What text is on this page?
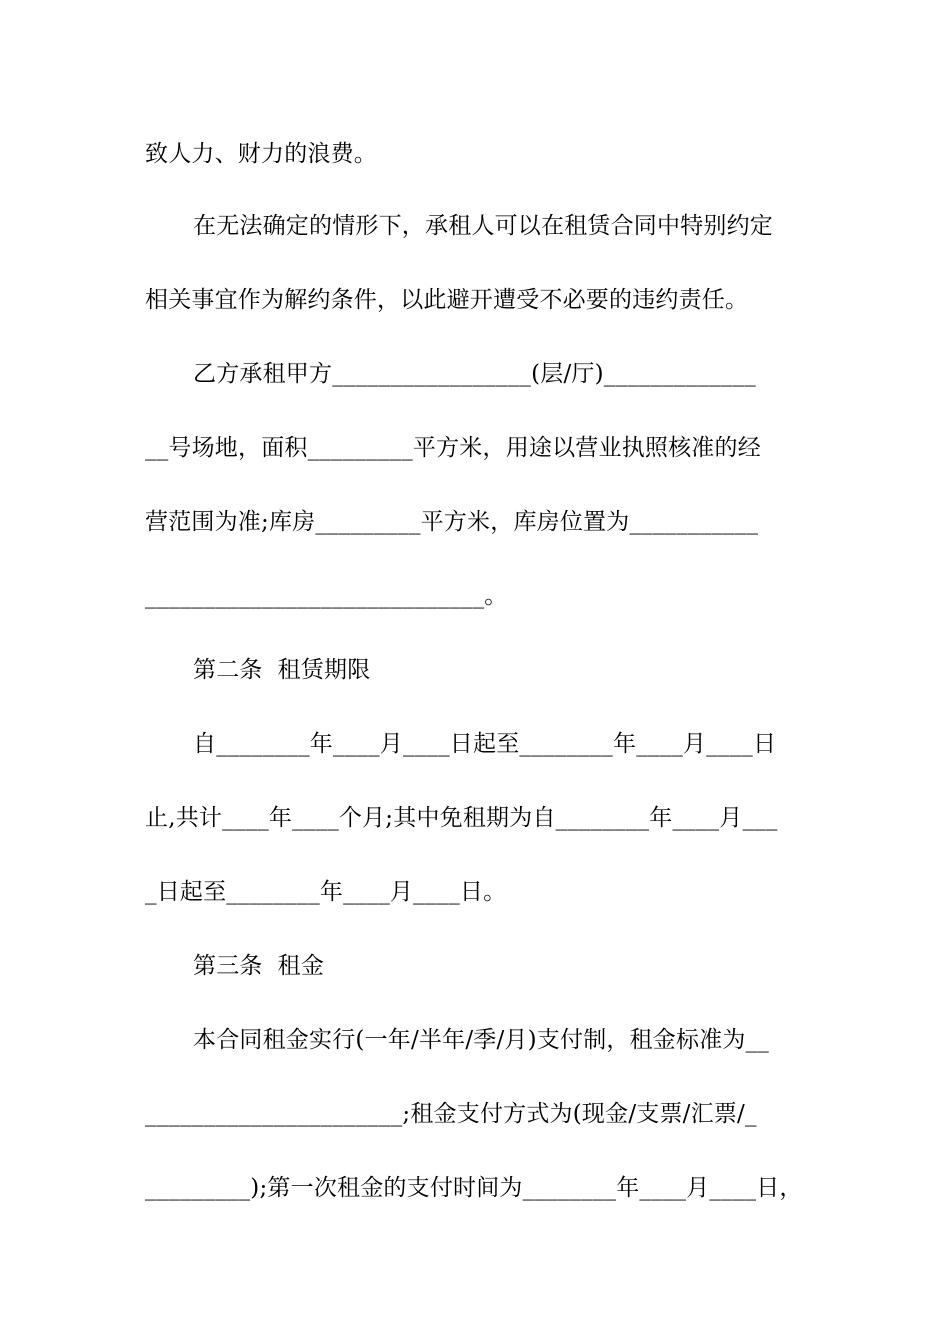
致人力、财力的浪费。
在无法确定的情形下，承租人可以在租赁合同中特别约定
相关事宜作为解约条件，以此避开遭受不必要的违约责任。
乙方承租甲方_________________(层/厅)_____________
__号场地，面积_________平方米，用途以营业执照核准的经
营范围为准;库房_________平方米，库房位置为___________
_____________________________。
第二条  租赁期限
自________年____月____日起至________年____月____日
止,共计____年____个月;其中免租期为自________年____月___
_日起至________年____月____日。
第三条  租金
本合同租金实行(一年/半年/季/月)支付制，租金标准为__
______________________;租金支付方式为(现金/支票/汇票/_
_________);第一次租金的支付时间为________年____月____日，
